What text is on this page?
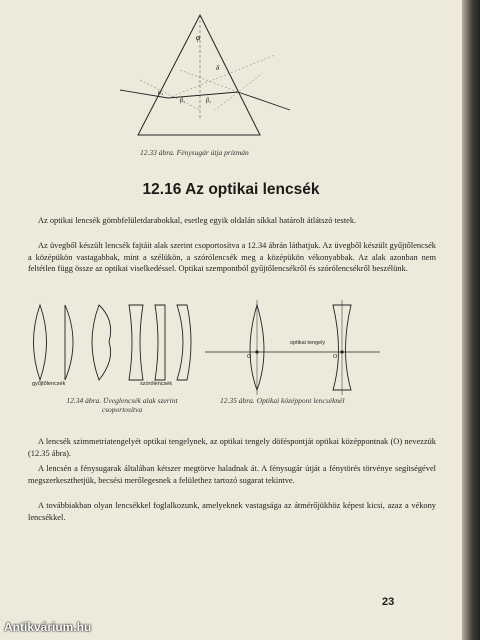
φ
δ
α₁
β₁	β₂
12.33 ábra. Fénysugár útja prizmán
12.16 Az optikai lencsék
Az optikai lencsék gömbfelületdarabokkal, esetleg egyik oldalán síkkal határolt átlátszó testek.
Az üvegből készült lencsék fajtáit alak szerint csoportosítva a 12.34 ábrán láthatjuk. Az üvegből készült gyűjtőlencsék a középükön vastagabbak, mint a szélükön, a szórólencsék meg a középükön vékonyabbak. Az alak azonban nem feltétlen függ össze az optikai viselkedéssel. Optikai szempontból gyűjtőlencsékről és szórólencsékről beszélünk.
gyűjtőlencsék	szórólencsék
12.34 ábra. Üveglencsék alak szerint csoportosítva
optikai tengely
O	O
12.35 ábra. Optikai középpont lencséknél
A lencsék szimmetriatengelyét optikai tengelynek, az optikai tengely döféspontját optikai középpontnak (O) nevezzük (12.35 ábra).
A lencsén a fénysugarak általában kétszer megtörve haladnak át. A fénysugár útját a fénytörés törvénye segítségével megszerkeszthetjük, becsési merőlegesnek a felülethez tartozó sugarat tekintve.
A továbbiakban olyan lencsékkel foglalkozunk, amelyeknek vastagsága az átmérőjükhöz képest kicsi, azaz a vékony lencsékkel.
23
Antikvárium.hu
